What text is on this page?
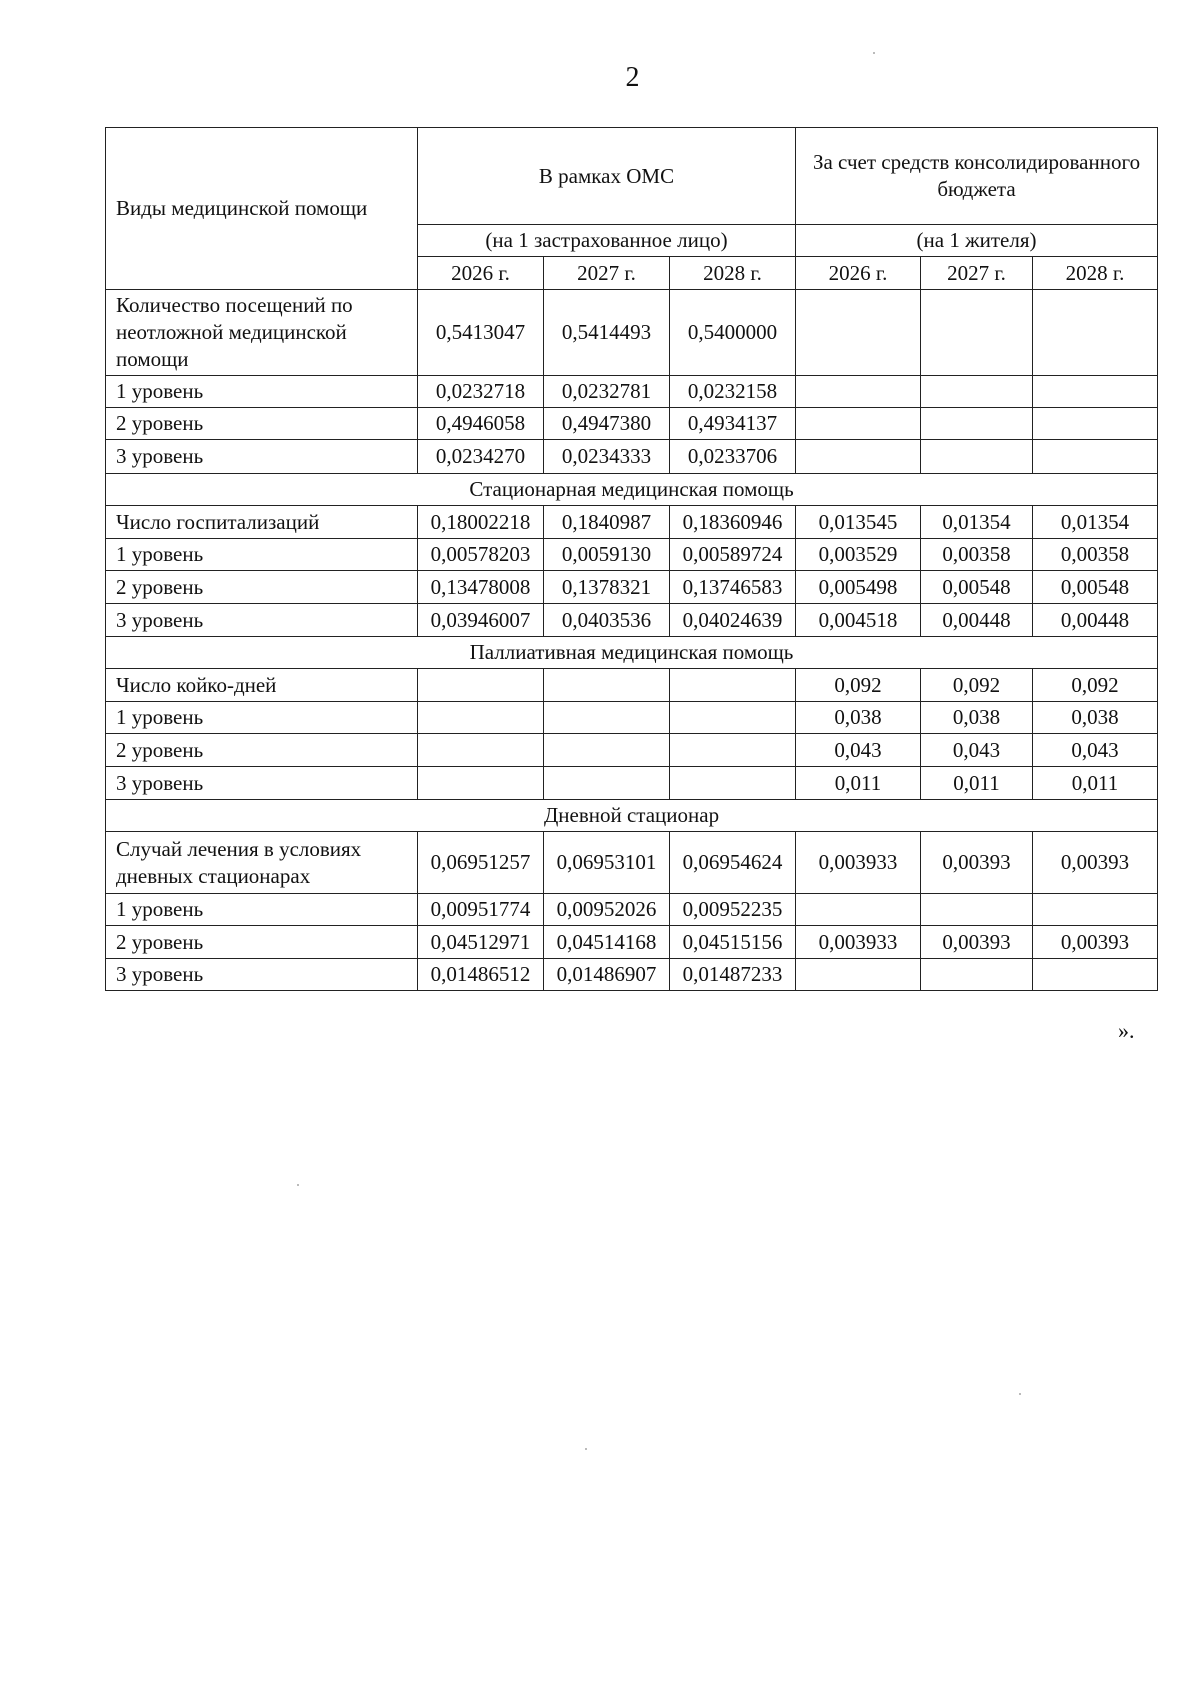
2
Виды медицинской помощи	В рамках ОМС			За счет средств консолидированного бюджета		
	(на 1 застрахованное лицо)			(на 1 жителя)		
	2026 г.	2027 г.	2028 г.	2026 г.	2027 г.	2028 г.
Количество посещений по неотложной медицинской помощи	0,5413047	0,5414493	0,5400000			
1 уровень	0,0232718	0,0232781	0,0232158			
2 уровень	0,4946058	0,4947380	0,4934137			
3 уровень	0,0234270	0,0234333	0,0233706			
Стационарная медицинская помощь						
Число госпитализаций	0,18002218	0,1840987	0,18360946	0,013545	0,01354	0,01354
1 уровень	0,00578203	0,0059130	0,00589724	0,003529	0,00358	0,00358
2 уровень	0,13478008	0,1378321	0,13746583	0,005498	0,00548	0,00548
3 уровень	0,03946007	0,0403536	0,04024639	0,004518	0,00448	0,00448
Паллиативная медицинская помощь						
Число койко-дней				0,092	0,092	0,092
1 уровень				0,038	0,038	0,038
2 уровень				0,043	0,043	0,043
3 уровень				0,011	0,011	0,011
Дневной стационар						
Случай лечения в условиях дневных стационарах	0,06951257	0,06953101	0,06954624	0,003933	0,00393	0,00393
1 уровень	0,00951774	0,00952026	0,00952235			
2 уровень	0,04512971	0,04514168	0,04515156	0,003933	0,00393	0,00393
3 уровень	0,01486512	0,01486907	0,01487233			
».
